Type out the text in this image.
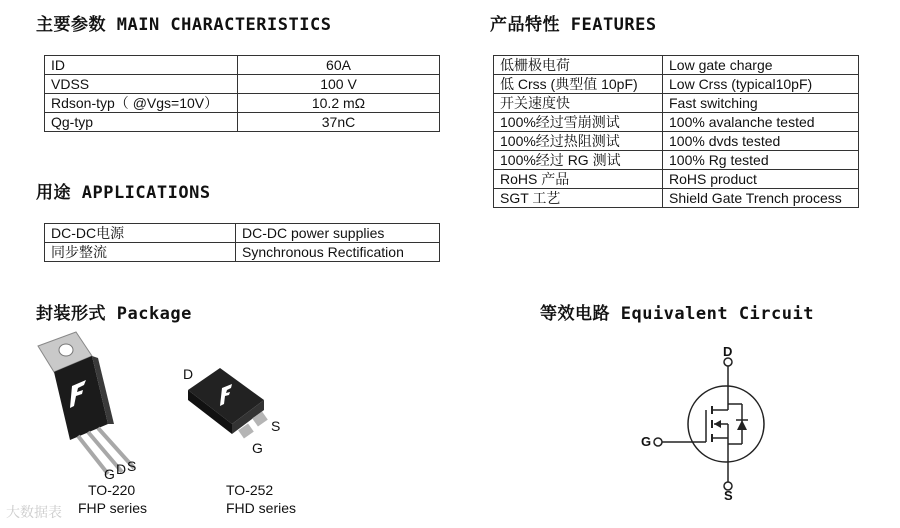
主要参数 MAIN CHARACTERISTICS	产品特性 FEATURES
用途 APPLICATIONS
封装形式 Package	等效电路 Equivalent Circuit
ID	60A
VDSS	100 V
Rdson-typ（ @Vgs=10V）	10.2 mΩ
Qg-typ	37nC
DC-DC电源	DC-DC power supplies
同步整流	Synchronous Rectification
低栅极电荷	Low gate charge
低 Crss (典型值 10pF)	Low Crss (typical10pF)
开关速度快	Fast switching
100%经过雪崩测试	100% avalanche tested
100%经过热阻测试	100% dvds tested
100%经过 RG 测试	100% Rg tested
RoHS 产品	RoHS product
SGT 工艺	Shield Gate Trench process
G D S
TO-220
FHP series
D
S
G
TO-252
FHD series
D
G
S
大数据表
